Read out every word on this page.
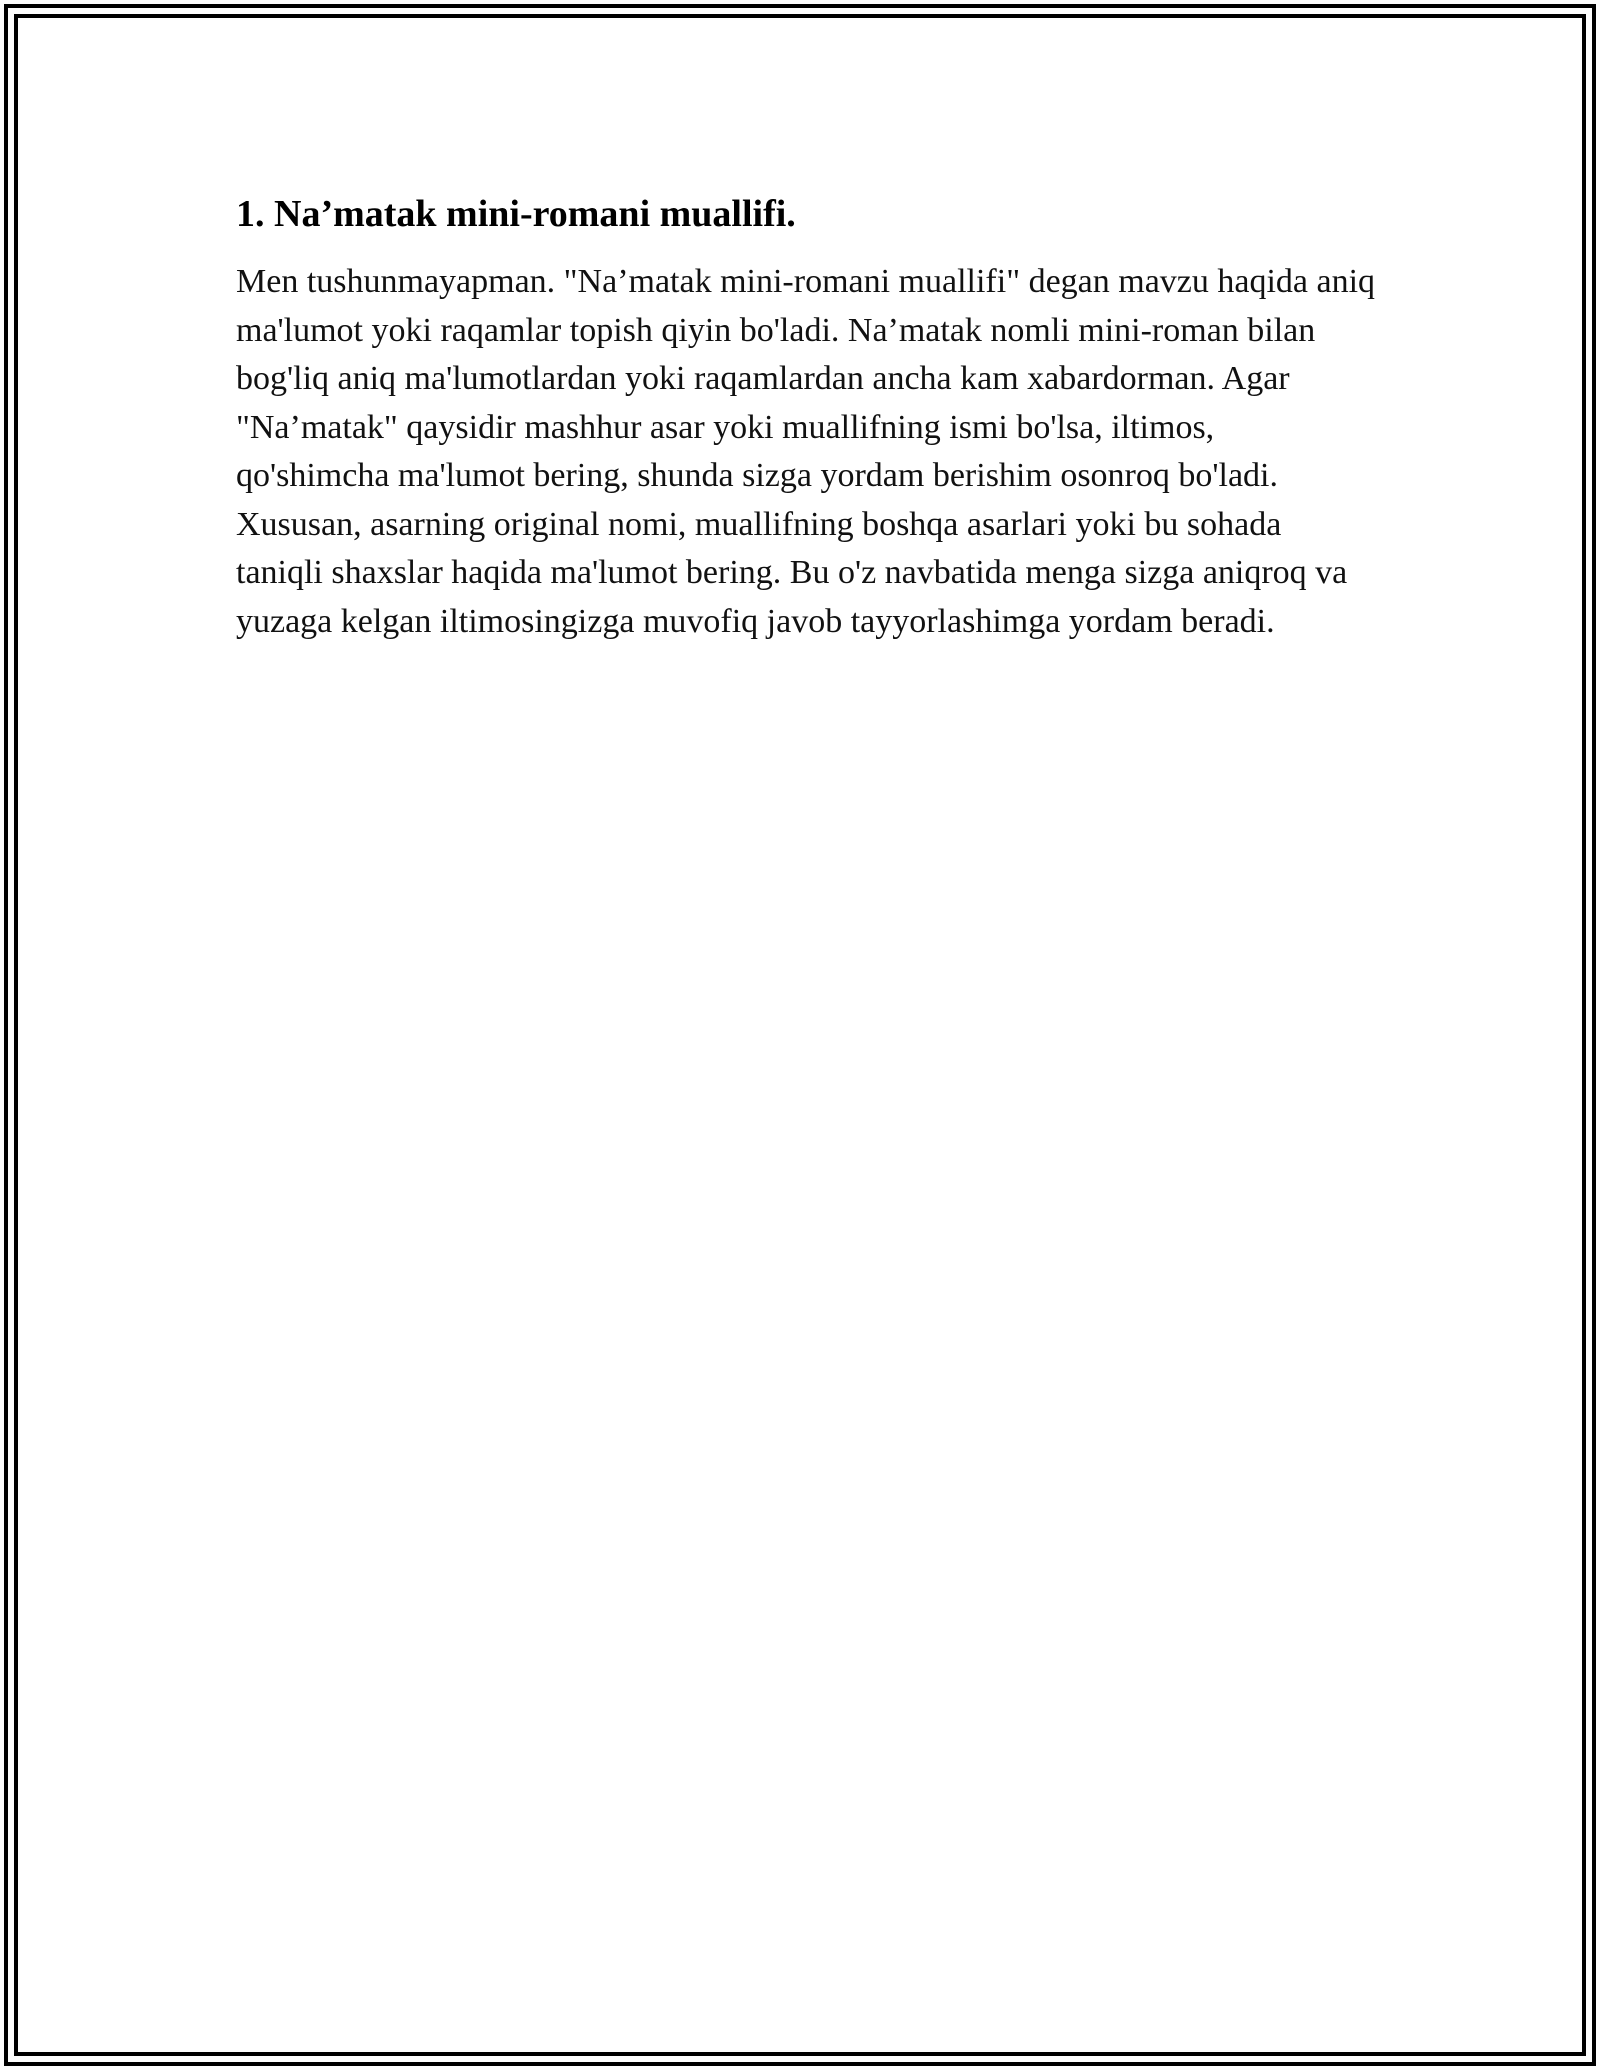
1. Na’matak mini-romani muallifi.

Men tushunmayapman. "Na’matak mini-romani muallifi" degan mavzu haqida aniq ma'lumot yoki raqamlar topish qiyin bo'ladi. Na’matak nomli mini-roman bilan bog'liq aniq ma'lumotlardan yoki raqamlardan ancha kam xabardorman. Agar "Na’matak" qaysidir mashhur asar yoki muallifning ismi bo'lsa, iltimos, qo'shimcha ma'lumot bering, shunda sizga yordam berishim osonroq bo'ladi. Xususan, asarning original nomi, muallifning boshqa asarlari yoki bu sohada taniqli shaxslar haqida ma'lumot bering. Bu o'z navbatida menga sizga aniqroq va yuzaga kelgan iltimosingizga muvofiq javob tayyorlashimga yordam beradi.
